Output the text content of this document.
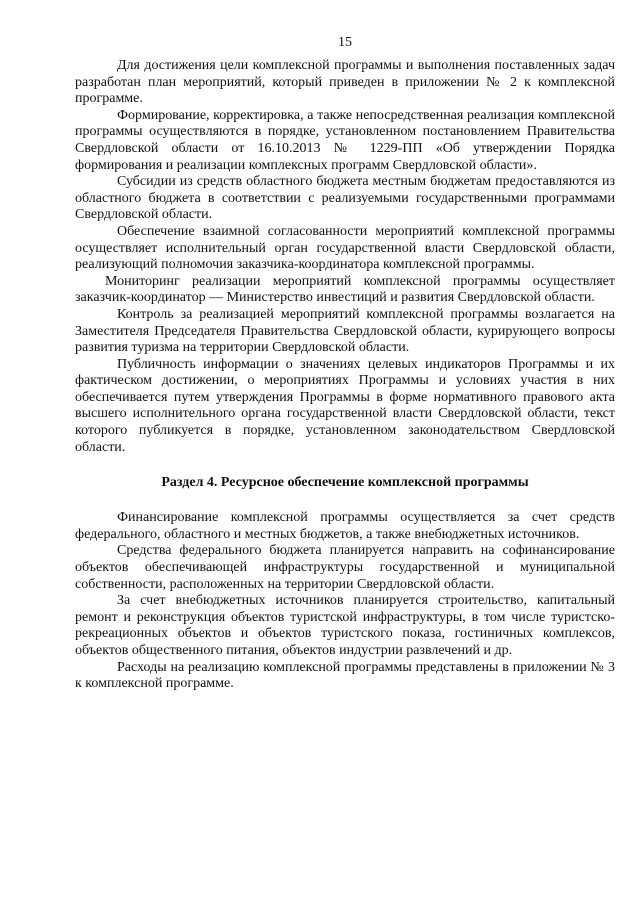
15

Для достижения цели комплексной программы и выполнения поставленных задач разработан план мероприятий, который приведен в приложении № 2 к комплексной программе.

Формирование, корректировка, а также непосредственная реализация комплексной программы осуществляются в порядке, установленном постановлением Правительства Свердловской области от 16.10.2013 № 1229-ПП «Об утверждении Порядка формирования и реализации комплексных программ Свердловской области».

Субсидии из средств областного бюджета местным бюджетам предоставляются из областного бюджета в соответствии с реализуемыми государственными программами Свердловской области.

Обеспечение взаимной согласованности мероприятий комплексной программы осуществляет исполнительный орган государственной власти Свердловской области, реализующий полномочия заказчика-координатора комплексной программы.

Мониторинг реализации мероприятий комплексной программы осуществляет заказчик-координатор — Министерство инвестиций и развития Свердловской области.

Контроль за реализацией мероприятий комплексной программы возлагается на Заместителя Председателя Правительства Свердловской области, курирующего вопросы развития туризма на территории Свердловской области.

Публичность информации о значениях целевых индикаторов Программы и их фактическом достижении, о мероприятиях Программы и условиях участия в них обеспечивается путем утверждения Программы в форме нормативного правового акта высшего исполнительного органа государственной власти Свердловской области, текст которого публикуется в порядке, установленном законодательством Свердловской области.

Раздел 4. Ресурсное обеспечение комплексной программы

Финансирование комплексной программы осуществляется за счет средств федерального, областного и местных бюджетов, а также внебюджетных источников.

Средства федерального бюджета планируется направить на софинансирование объектов обеспечивающей инфраструктуры государственной и муниципальной собственности, расположенных на территории Свердловской области.

За счет внебюджетных источников планируется строительство, капитальный ремонт и реконструкция объектов туристской инфраструктуры, в том числе туристско-рекреационных объектов и объектов туристского показа, гостиничных комплексов, объектов общественного питания, объектов индустрии развлечений и др.

Расходы на реализацию комплексной программы представлены в приложении № 3 к комплексной программе.
